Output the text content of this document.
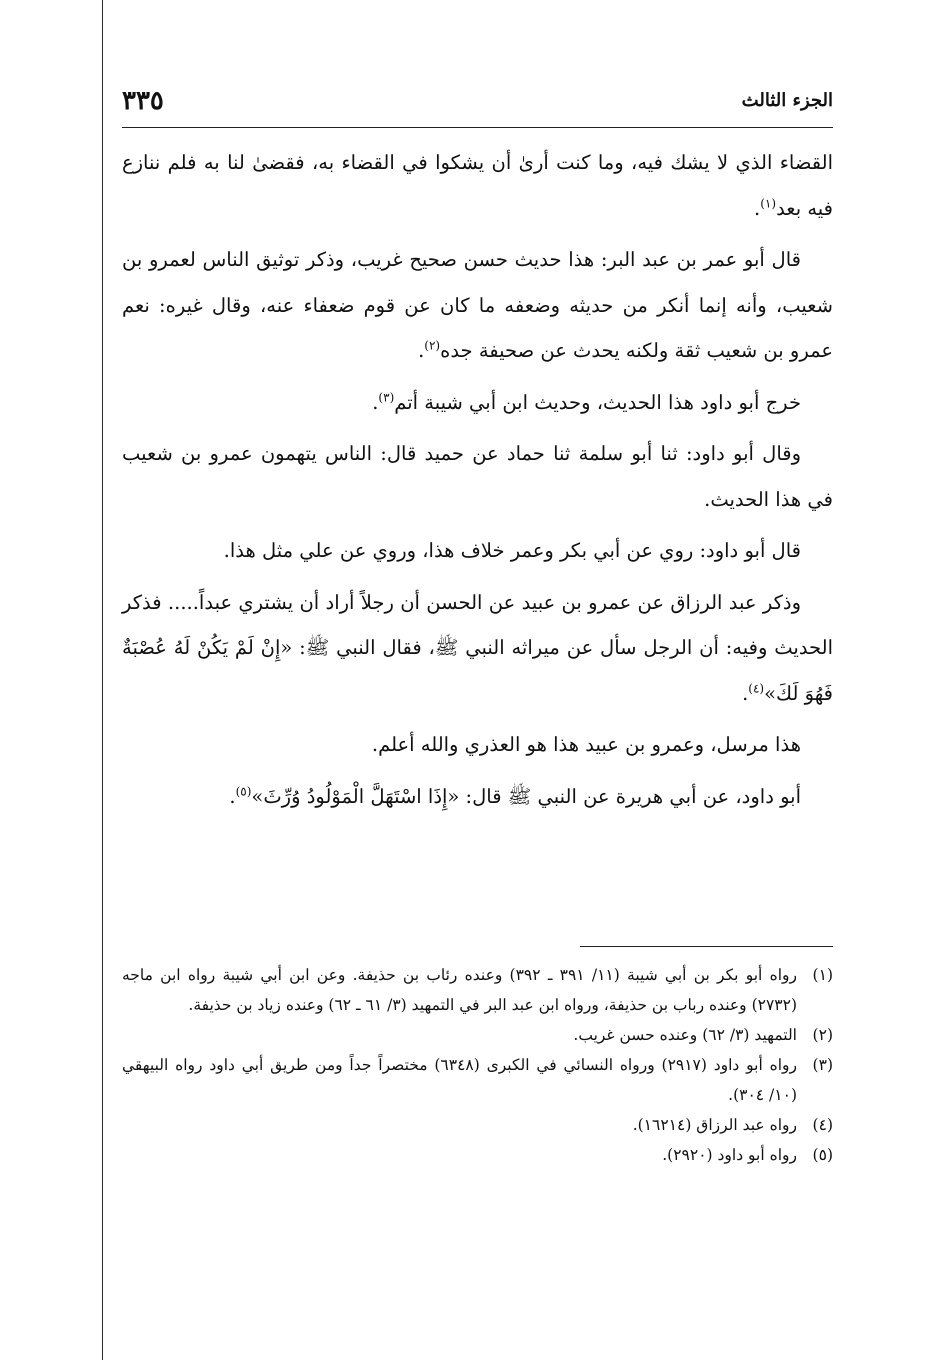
الجزء الثالث
٣٣٥

القضاء الذي لا يشك فيه، وما كنت أرىٰ أن يشكوا في القضاء به، فقضىٰ لنا به فلم ننازع فيه بعد$^{(١)}$.

قال أبو عمر بن عبد البر: هذا حديث حسن صحيح غريب، وذكر توثيق الناس لعمرو بن شعيب، وأنه إنما أنكر من حديثه وضعفه ما كان عن قوم ضعفاء عنه، وقال غيره: نعم عمرو بن شعيب ثقة ولكنه يحدث عن صحيفة جده$^{(٢)}$.

خرج أبو داود هذا الحديث، وحديث ابن أبي شيبة أتم$^{(٣)}$.

وقال أبو داود: ثنا أبو سلمة ثنا حماد عن حميد قال: الناس يتهمون عمرو بن شعيب في هذا الحديث.

قال أبو داود: روي عن أبي بكر وعمر خلاف هذا، وروي عن علي مثل هذا.

وذكر عبد الرزاق عن عمرو بن عبيد عن الحسن أن رجلاً أراد أن يشتري عبداً..... فذكر الحديث وفيه: أن الرجل سأل عن ميراثه النبي ﷺ، فقال النبي ﷺ: «إِنْ لَمْ يَكُنْ لَهُ عُصْبَةٌ فَهُوَ لَكَ»$^{(٤)}$.

هذا مرسل، وعمرو بن عبيد هذا هو العذري والله أعلم.

أبو داود، عن أبي هريرة عن النبي ﷺ قال: «إِذَا اسْتَهَلَّ الْمَوْلُودُ وُرِّثَ»$^{(٥)}$.

(١)
رواه أبو بكر بن أبي شيبة (١١/ ٣٩١ ـ ٣٩٢) وعنده رئاب بن حذيفة. وعن ابن أبي شيبة رواه ابن ماجه (٢٧٣٢) وعنده رباب بن حذيفة، ورواه ابن عبد البر في التمهيد (٣/ ٦١ ـ ٦٢) وعنده زياد بن حذيفة.
(٢)
التمهيد (٣/ ٦٢) وعنده حسن غريب.
(٣)
رواه أبو داود (٢٩١٧) ورواه النسائي في الكبرى (٦٣٤٨) مختصراً جداً ومن طريق أبي داود رواه البيهقي (١٠/ ٣٠٤).
(٤)
رواه عبد الرزاق (١٦٢١٤).
(٥)
رواه أبو داود (٢٩٢٠).
